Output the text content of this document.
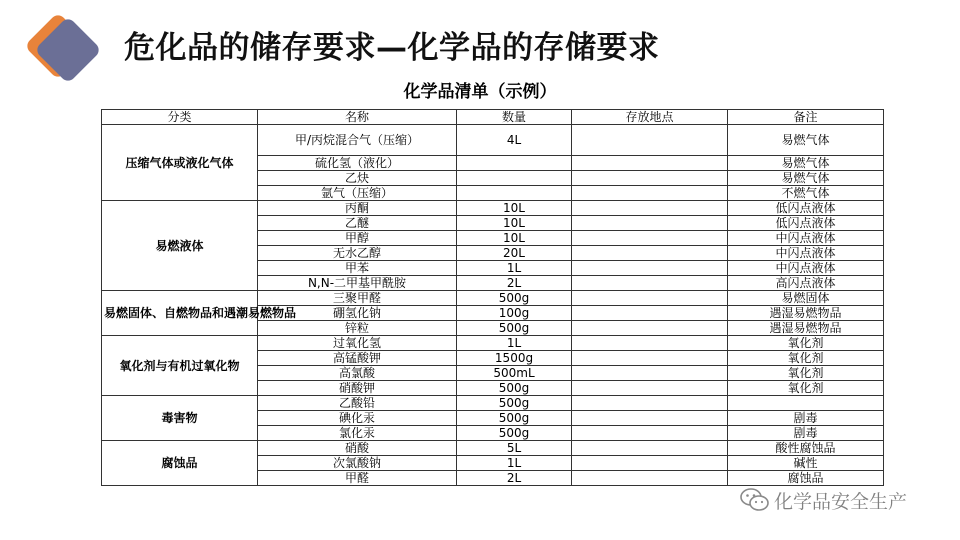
危化品的储存要求—化学品的存储要求
化学品清单（示例）
分类	名称	数量	存放地点	备注
压缩气体或液化气体	甲/丙烷混合气（压缩）	4L		易燃气体
	硫化氢（液化）			易燃气体
	乙炔			易燃气体
	氩气（压缩）			不燃气体
易燃液体	丙酮	10L		低闪点液体
	乙醚	10L		低闪点液体
	甲醇	10L		中闪点液体
	无水乙醇	20L		中闪点液体
	甲苯	1L		中闪点液体
	N,N-二甲基甲酰胺	2L		高闪点液体
易燃固体、自燃物品和遇潮易燃物品	三聚甲醛	500g		易燃固体
	硼氢化钠	100g		遇湿易燃物品
	锌粒	500g		遇湿易燃物品
氧化剂与有机过氧化物	过氧化氢	1L		氧化剂
	高锰酸钾	1500g		氧化剂
	高氯酸	500mL		氧化剂
	硝酸钾	500g		氧化剂
毒害物	乙酸铅	500g		
	碘化汞	500g		剧毒
	氯化汞	500g		剧毒
腐蚀品	硝酸	5L		酸性腐蚀品
	次氯酸钠	1L		碱性
	甲醛	2L		腐蚀品
化学品安全生产
